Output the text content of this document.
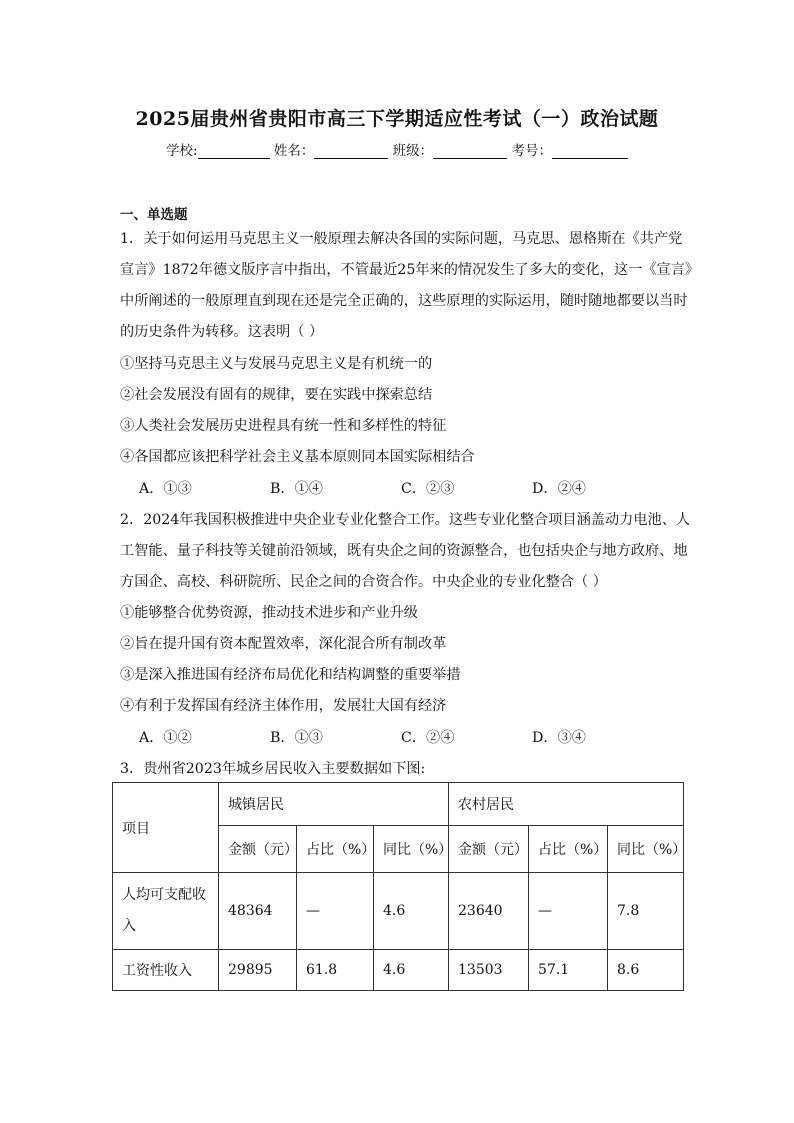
2025届贵州省贵阳市高三下学期适应性考试（一）政治试题
学校:	姓名：	班级：	考号：
一、单选题
1．关于如何运用马克思主义一般原理去解决各国的实际问题，马克思、恩格斯在《共产党
宣言》1872年德文版序言中指出，不管最近25年来的情况发生了多大的变化，这一《宣言》
中所阐述的一般原理直到现在还是完全正确的，这些原理的实际运用，随时随地都要以当时
的历史条件为转移。这表明（ ）
①坚持马克思主义与发展马克思主义是有机统一的
②社会发展没有固有的规律，要在实践中探索总结
③人类社会发展历史进程具有统一性和多样性的特征
④各国都应该把科学社会主义基本原则同本国实际相结合
A．①③	B．①④	C．②③	D．②④
2．2024年我国积极推进中央企业专业化整合工作。这些专业化整合项目涵盖动力电池、人
工智能、量子科技等关键前沿领域，既有央企之间的资源整合，也包括央企与地方政府、地
方国企、高校、科研院所、民企之间的合资合作。中央企业的专业化整合（ ）
①能够整合优势资源，推动技术进步和产业升级
②旨在提升国有资本配置效率，深化混合所有制改革
③是深入推进国有经济布局优化和结构调整的重要举措
④有利于发挥国有经济主体作用，发展壮大国有经济
A．①②	B．①③	C．②④	D．③④
3．贵州省2023年城乡居民收入主要数据如下图:
项目	城镇居民			农村居民		
	金额（元）	占比（%）	同比（%）	金额（元）	占比（%）	同比（%）
人均可支配收入	48364	—	4.6	23640	—	7.8
工资性收入	29895	61.8	4.6	13503	57.1	8.6
